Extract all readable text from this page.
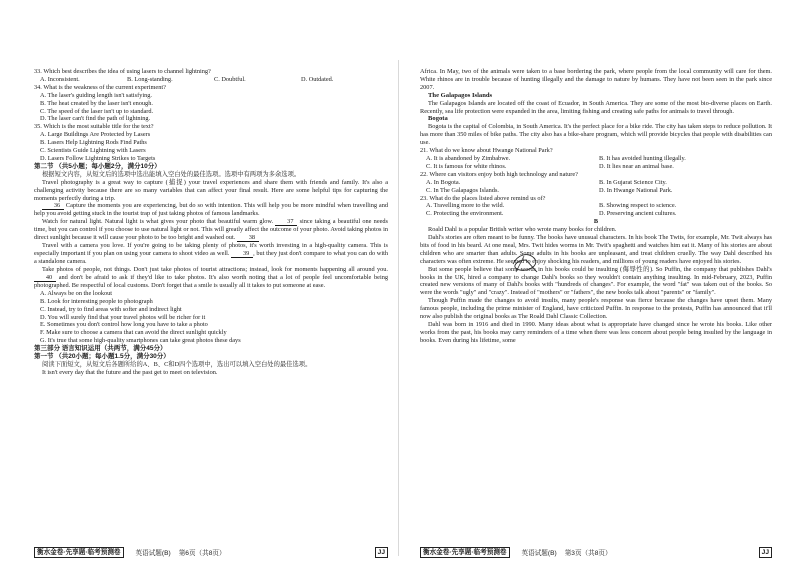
33. Which best describes the idea of using lasers to channel lightning?

A. Inconsistent.	B. Long-standing.	C. Doubtful.	D. Outdated.

34. What is the weakness of the current experiment?

A. The laser's guiding length isn't satisfying.
B. The heat created by the laser isn't enough.
C. The speed of the laser isn't up to standard.
D. The laser can't find the path of lightning.

35. Which is the most suitable title for the text?

A. Large Buildings Are Protected by Lasers
B. Lasers Help Lightning Rods Find Paths
C. Scientists Guide Lightning with Lasers
D. Lasers Follow Lightning Strikes to Targets

第二节 （共5小题；每小题2分，满分10分）

根据短文内容，从短文后的选项中选出能填入空白处的最佳选项。选项中有两项为多余选项。

Travel photography is a great way to capture (捕捉) your travel experiences and share them with friends and family. It's also a challenging activity because there are so many variables that can affect your final result. Here are some helpful tips for capturing the moments perfectly during a trip.

36 Capture the moments you are experiencing, but do so with intention. This will help you be more mindful when travelling and help you avoid getting stuck in the tourist trap of just taking photos of famous landmarks.

Watch for natural light. Natural light is what gives your photo that beautiful warm glow. 37 since taking a beautiful one needs time, but you can control if you choose to use natural light or not. This will greatly affect the outcome of your photo. Avoid taking photos in direct sunlight because it will cause your photo to be too bright and washed out. 38

Travel with a camera you love. If you're going to be taking plenty of photos, it's worth investing in a high-quality camera. This is especially important if you plan on using your camera to shoot video as well. 39 , but they just don't compare to what you can do with a standalone camera.

Take photos of people, not things. Don't just take photos of tourist attractions; instead, look for moments happening all around you. 40 and don't be afraid to ask if they'd like to take photos. It's also worth noting that a lot of people feel uncomfortable being photographed. Be respectful of local customs. Don't forget that a smile is usually all it takes to put someone at ease.

A. Always be on the lookout
B. Look for interesting people to photograph
C. Instead, try to find areas with softer and indirect light
D. You will surely find that your travel photos will be richer for it
E. Sometimes you don't control how long you have to take a photo
F. Make sure to choose a camera that can avoid the direct sunlight quickly
G. It's true that some high-quality smartphones can take great photos these days

第三部分 语言知识运用（共两节，满分45分）

第一节 （共20小题；每小题1.5分，满分30分）

阅读下面短文，从短文后各题所给的A、B、C和D四个选项中，选出可以填入空白处的最佳选项。

It isn't every day that the future and the past get to meet on television.

衡水金卷·先享题·临考预测卷	英语试题(B) 第6页（共8页）	JJ

Africa. In May, two of the animals were taken to a base bordering the park, where people from the local community will care for them. White rhinos are in trouble because of hunting illegally and the damage to nature by humans. They have not been seen in the park since 2007.

The Galapagos Islands

The Galapagos Islands are located off the coast of Ecuador, in South America. They are some of the most bio-diverse places on Earth. Recently, sea life protection were expanded in the area, limiting fishing and creating safe paths for animals to travel through.

Bogota

Bogota is the capital of Colombia, in South America. It's the perfect place for a bike ride. The city has taken steps to reduce pollution. It has more than 350 miles of bike paths. The city also has a bike-share program, which will provide bicycles that people with disabilities can use.

21. What do we know about Hwange National Park?

A. It is abandoned by Zimbabwe.	B. It has avoided hunting illegally.
C. It is famous for white rhinos.	D. It lies near an animal base.

22. Where can visitors enjoy both high technology and nature?

A. In Bogota.	B. In Gujarat Science City.
C. In The Galapagos Islands.	D. In Hwange National Park.

23. What do the places listed above remind us of?

A. Travelling more to the wild.	B. Showing respect to science.
C. Protecting the environment.	D. Preserving ancient cultures.

B

Roald Dahl is a popular British writer who wrote many books for children.

Dahl's stories are often meant to be funny. The books have unusual characters. In his book The Twits, for example, Mr. Twit always has bits of food in his beard. At one meal, Mrs. Twit hides worms in Mr. Twit's spaghetti and watches him eat it. Many of his stories are about children who are smarter than adults. Some adults in his books are unpleasant, and treat children cruelly. The way Dahl described his characters was often extreme. He seemed to enjoy shocking his readers, and millions of young readers have enjoyed his stories.

But some people believe that some words in his books could be insulting (侮辱性的). So Puffin, the company that publishes Dahl's books in the UK, hired a company to change Dahl's books so they wouldn't contain anything insulting. In mid-February, 2023, Puffin created new versions of many of Dahl's books with "hundreds of changes". For example, the word "fat" was taken out of the books. So were the words "ugly" and "crazy". Instead of "mothers" or "fathers", the new books talk about "parents" or "family".

Though Puffin made the changes to avoid insults, many people's response was fierce because the changes have upset them. Many famous people, including the prime minister of England, have criticized Puffin. In response to the protests, Puffin has announced that it'll now also publish the original books as The Roald Dahl Classic Collection.

Dahl was born in 1916 and died in 1990. Many ideas about what is appropriate have changed since he wrote his books. Like other works from the past, his books may carry reminders of a time when there was less concern about people being insulted by the language in books. Even during his lifetime, some

衡水金卷·先享题·临考预测卷	英语试题(B) 第3页（共8页）	JJ
